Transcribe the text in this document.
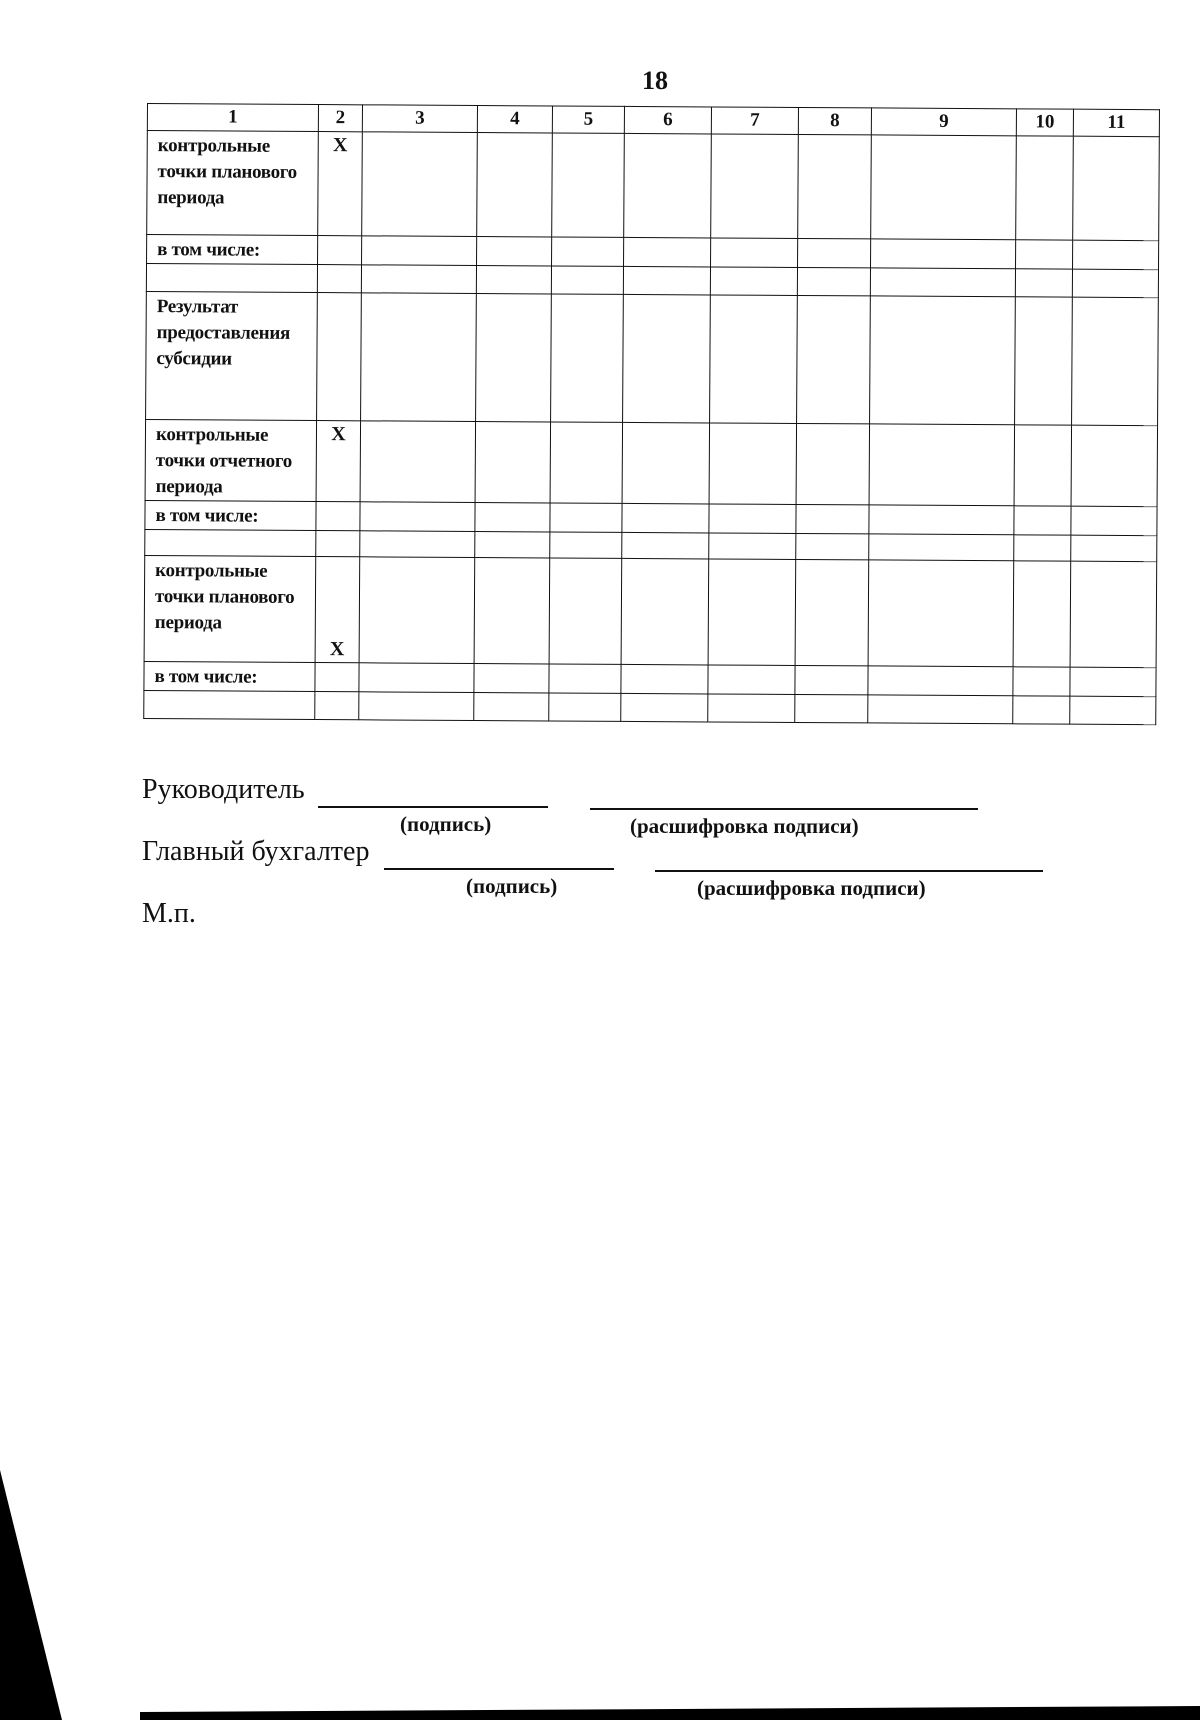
18
1	2	3	4	5	6	7	8	9	10	11
контрольные точки планового периода	X									
в том числе:										

Результат предоставления субсидии										
контрольные точки отчетного периода	X									
в том числе:										

контрольные точки планового периода	X									
в том числе:										

Руководитель
(подпись)	(расшифровка подписи)
Главный бухгалтер
(подпись)	(расшифровка подписи)
М.п.
